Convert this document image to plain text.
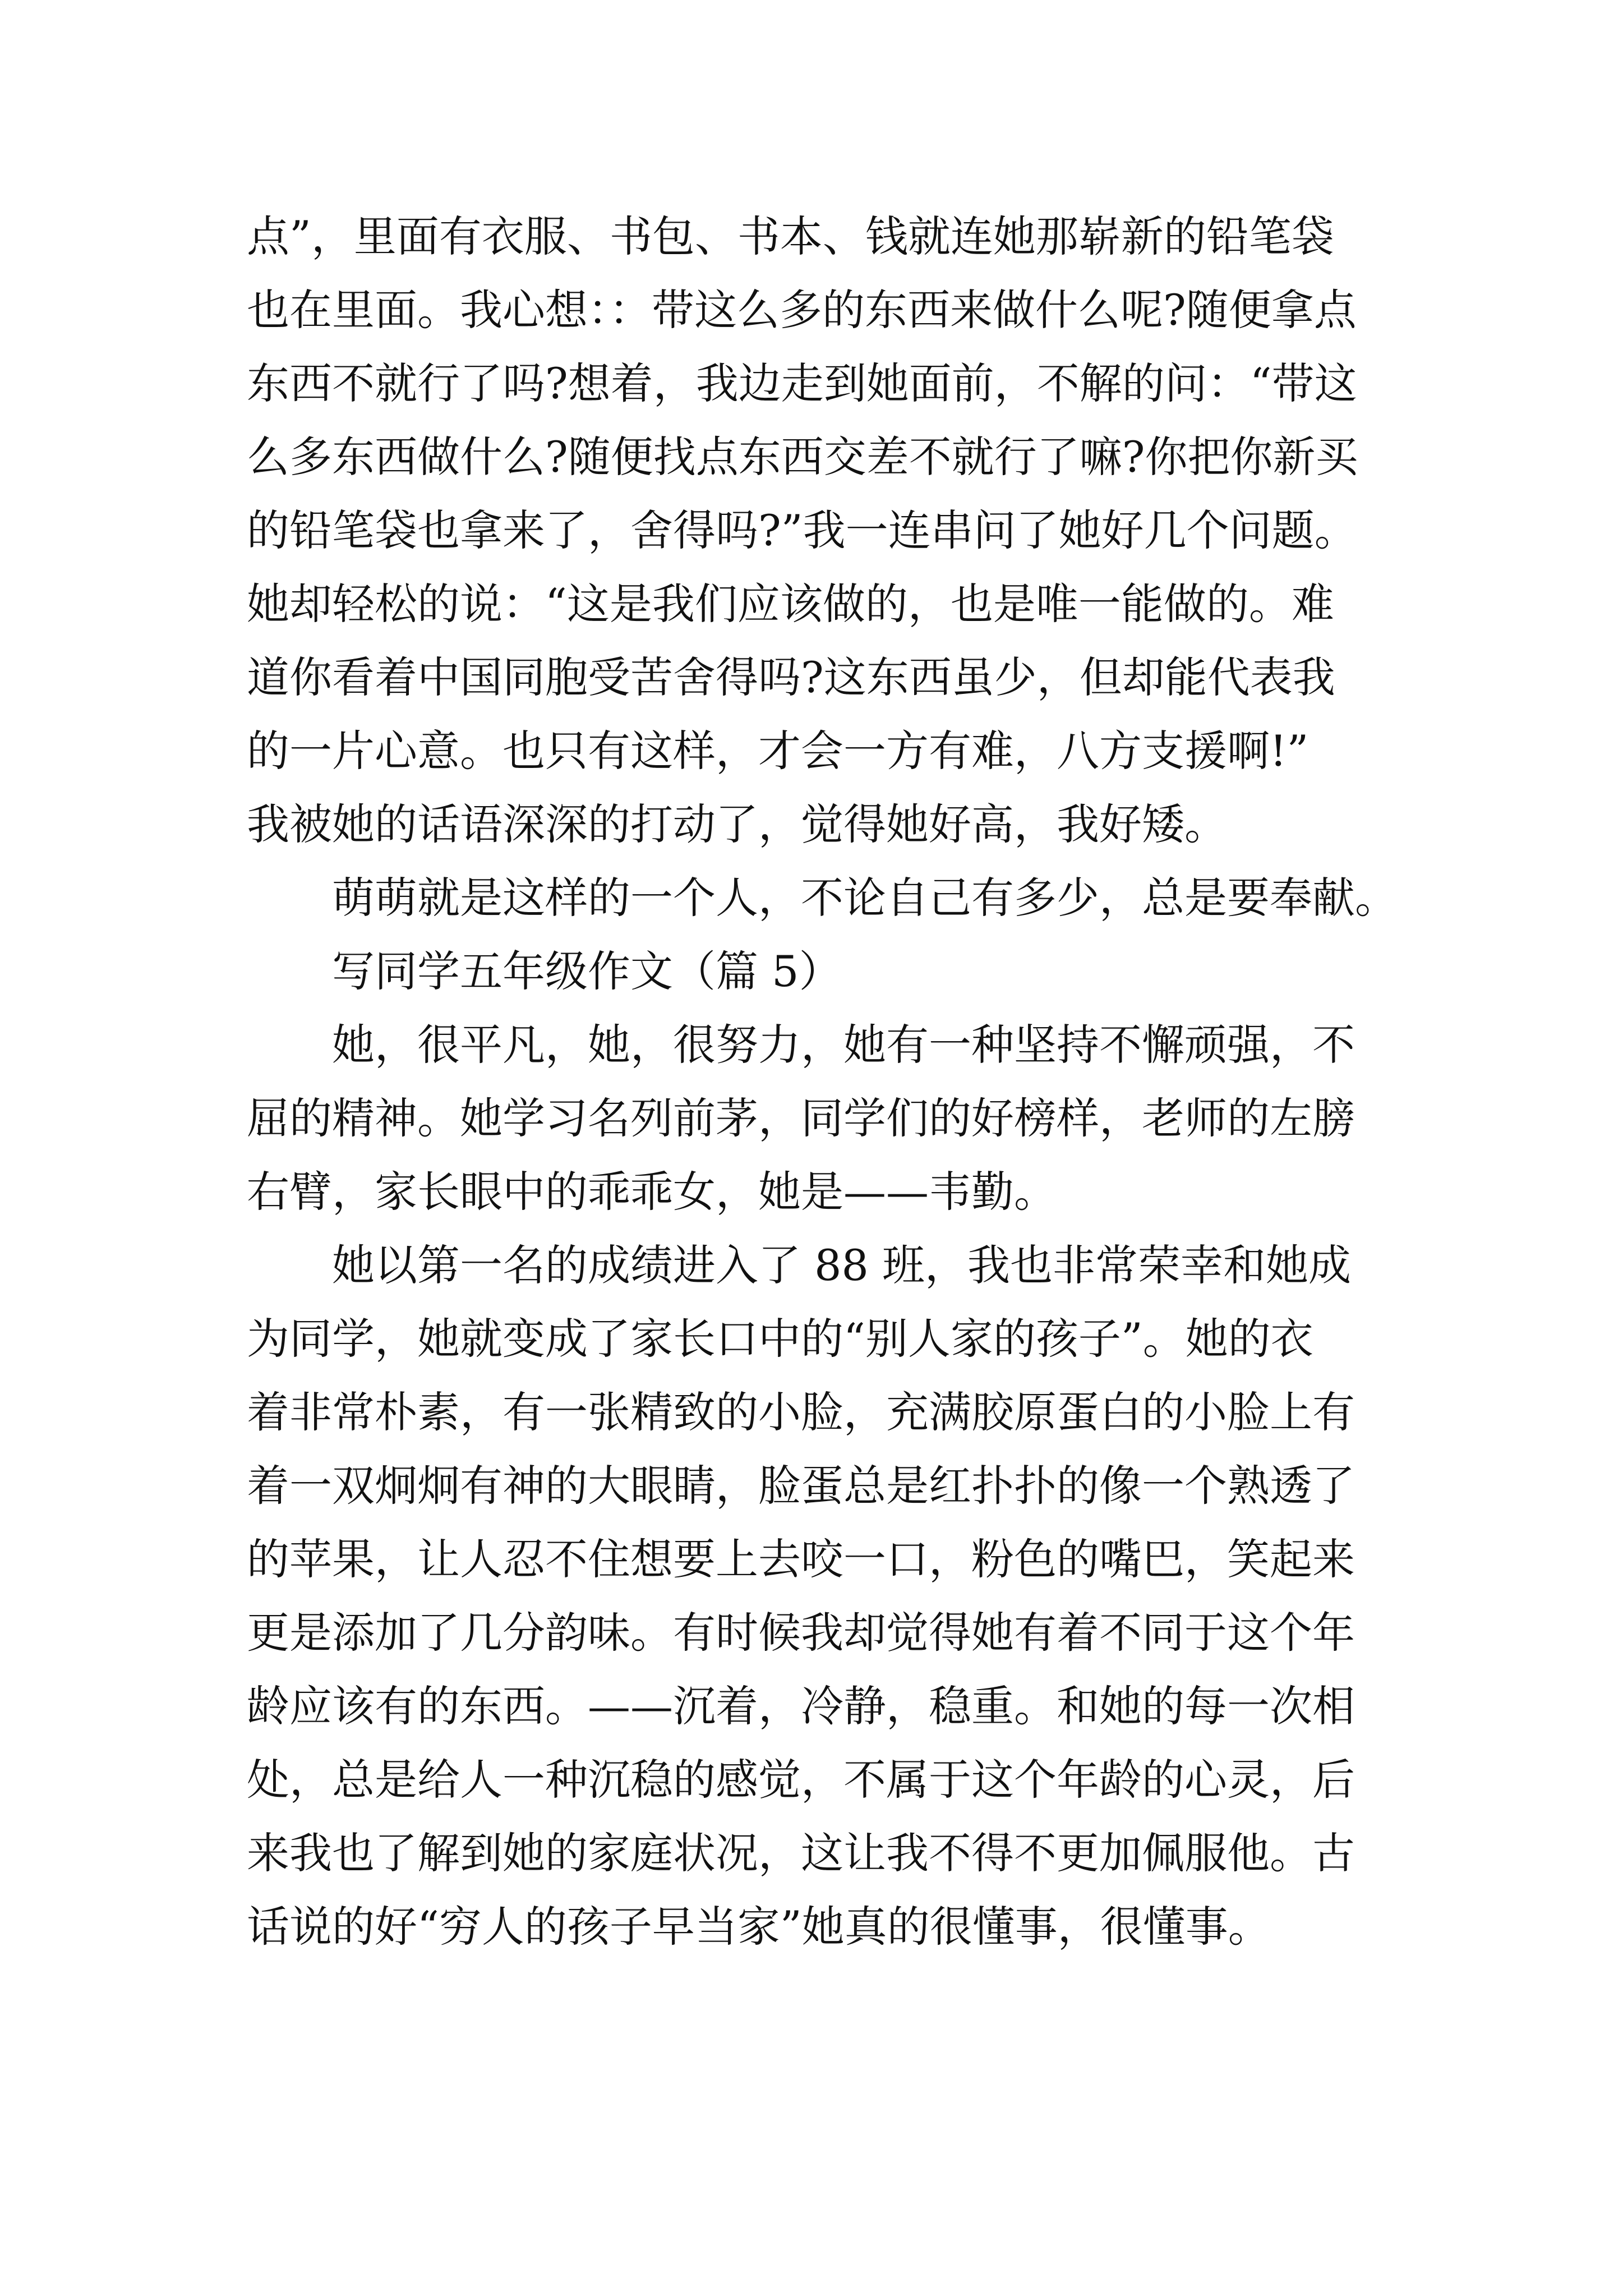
点”，里面有衣服、书包、书本、钱就连她那崭新的铅笔袋
也在里面。我心想：：带这么多的东西来做什么呢?随便拿点
东西不就行了吗?想着，我边走到她面前，不解的问：“带这
么多东西做什么?随便找点东西交差不就行了嘛?你把你新买
的铅笔袋也拿来了，舍得吗?”我一连串问了她好几个问题。
她却轻松的说：“这是我们应该做的，也是唯一能做的。难
道你看着中国同胞受苦舍得吗?这东西虽少，但却能代表我
的一片心意。也只有这样，才会一方有难，八方支援啊!”
我被她的话语深深的打动了，觉得她好高，我好矮。
萌萌就是这样的一个人，不论自己有多少，总是要奉献。
写同学五年级作文（篇 5）
她，很平凡，她，很努力，她有一种坚持不懈顽强，不
屈的精神。她学习名列前茅，同学们的好榜样，老师的左膀
右臂，家长眼中的乖乖女，她是——韦勤。
她以第一名的成绩进入了 88 班，我也非常荣幸和她成
为同学，她就变成了家长口中的“别人家的孩子”。她的衣
着非常朴素，有一张精致的小脸，充满胶原蛋白的小脸上有
着一双炯炯有神的大眼睛，脸蛋总是红扑扑的像一个熟透了
的苹果，让人忍不住想要上去咬一口，粉色的嘴巴，笑起来
更是添加了几分韵味。有时候我却觉得她有着不同于这个年
龄应该有的东西。——沉着，冷静，稳重。和她的每一次相
处，总是给人一种沉稳的感觉，不属于这个年龄的心灵，后
来我也了解到她的家庭状况，这让我不得不更加佩服他。古
话说的好“穷人的孩子早当家”她真的很懂事，很懂事。
